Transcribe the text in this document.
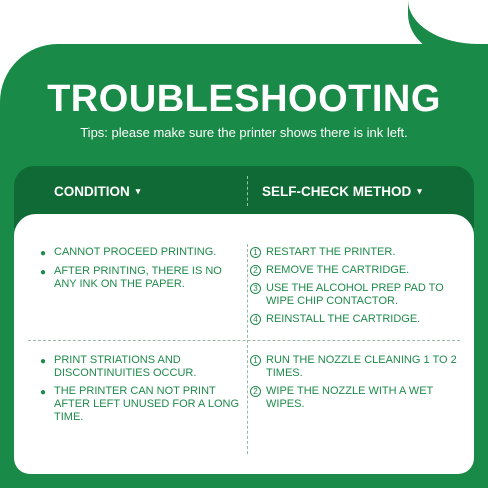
TROUBLESHOOTING

Tips: please make sure the printer shows there is ink left.

CONDITION ▾	SELF-CHECK METHOD ▾
● CANNOT PROCEED PRINTING.
● AFTER PRINTING, THERE IS NO ANY INK ON THE PAPER.
1 RESTART THE PRINTER.
2 REMOVE THE CARTRIDGE.
3 USE THE ALCOHOL PREP PAD TO WIPE CHIP CONTACTOR.
4 REINSTALL THE CARTRIDGE.
● PRINT STRIATIONS AND DISCONTINUITIES OCCUR.
● THE PRINTER CAN NOT PRINT AFTER LEFT UNUSED FOR A LONG TIME.
1 RUN THE NOZZLE CLEANING 1 TO 2 TIMES.
2 WIPE THE NOZZLE WITH A WET WIPES.
